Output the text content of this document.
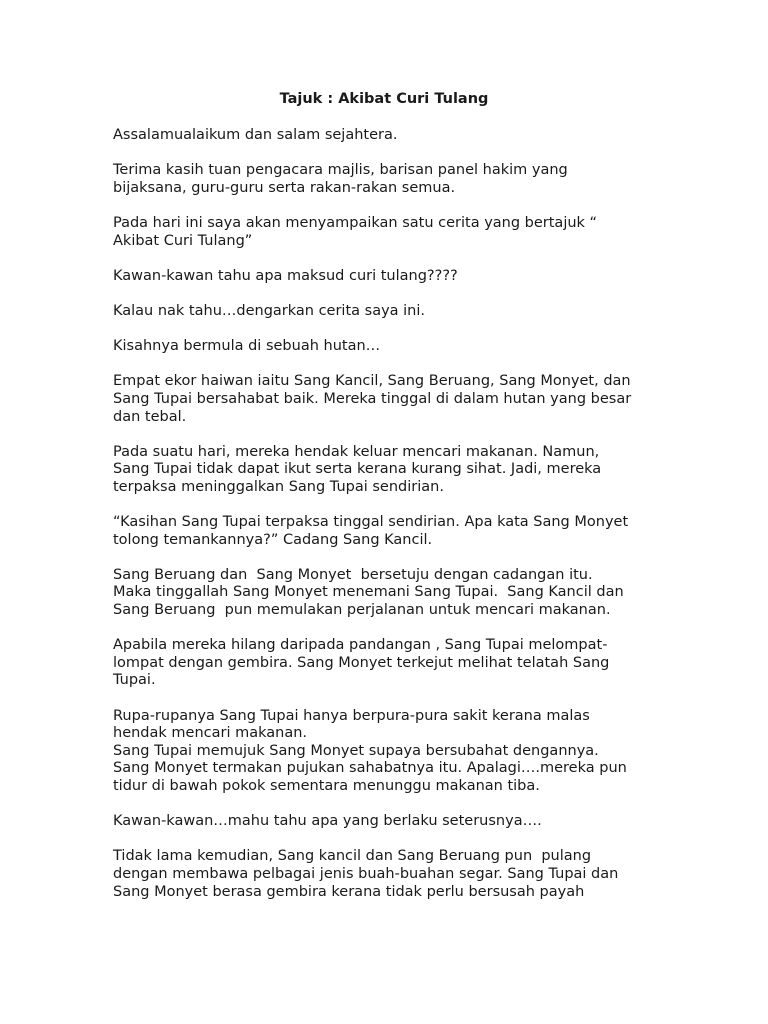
Tajuk : Akibat Curi Tulang

Assalamualaikum dan salam sejahtera.

Terima kasih tuan pengacara majlis, barisan panel hakim yang
bijaksana, guru-guru serta rakan-rakan semua.

Pada hari ini saya akan menyampaikan satu cerita yang bertajuk “
Akibat Curi Tulang”

Kawan-kawan tahu apa maksud curi tulang????

Kalau nak tahu…dengarkan cerita saya ini.

Kisahnya bermula di sebuah hutan…

Empat ekor haiwan iaitu Sang Kancil, Sang Beruang, Sang Monyet, dan
Sang Tupai bersahabat baik. Mereka tinggal di dalam hutan yang besar
dan tebal.

Pada suatu hari, mereka hendak keluar mencari makanan. Namun,
Sang Tupai tidak dapat ikut serta kerana kurang sihat. Jadi, mereka
terpaksa meninggalkan Sang Tupai sendirian.

“Kasihan Sang Tupai terpaksa tinggal sendirian. Apa kata Sang Monyet
tolong temankannya?” Cadang Sang Kancil.

Sang Beruang dan  Sang Monyet  bersetuju dengan cadangan itu.
Maka tinggallah Sang Monyet menemani Sang Tupai.  Sang Kancil dan
Sang Beruang  pun memulakan perjalanan untuk mencari makanan.

Apabila mereka hilang daripada pandangan , Sang Tupai melompat-
lompat dengan gembira. Sang Monyet terkejut melihat telatah Sang
Tupai.

Rupa-rupanya Sang Tupai hanya berpura-pura sakit kerana malas
hendak mencari makanan.
Sang Tupai memujuk Sang Monyet supaya bersubahat dengannya.
Sang Monyet termakan pujukan sahabatnya itu. Apalagi….mereka pun
tidur di bawah pokok sementara menunggu makanan tiba.

Kawan-kawan…mahu tahu apa yang berlaku seterusnya….

Tidak lama kemudian, Sang kancil dan Sang Beruang pun  pulang
dengan membawa pelbagai jenis buah-buahan segar. Sang Tupai dan
Sang Monyet berasa gembira kerana tidak perlu bersusah payah
